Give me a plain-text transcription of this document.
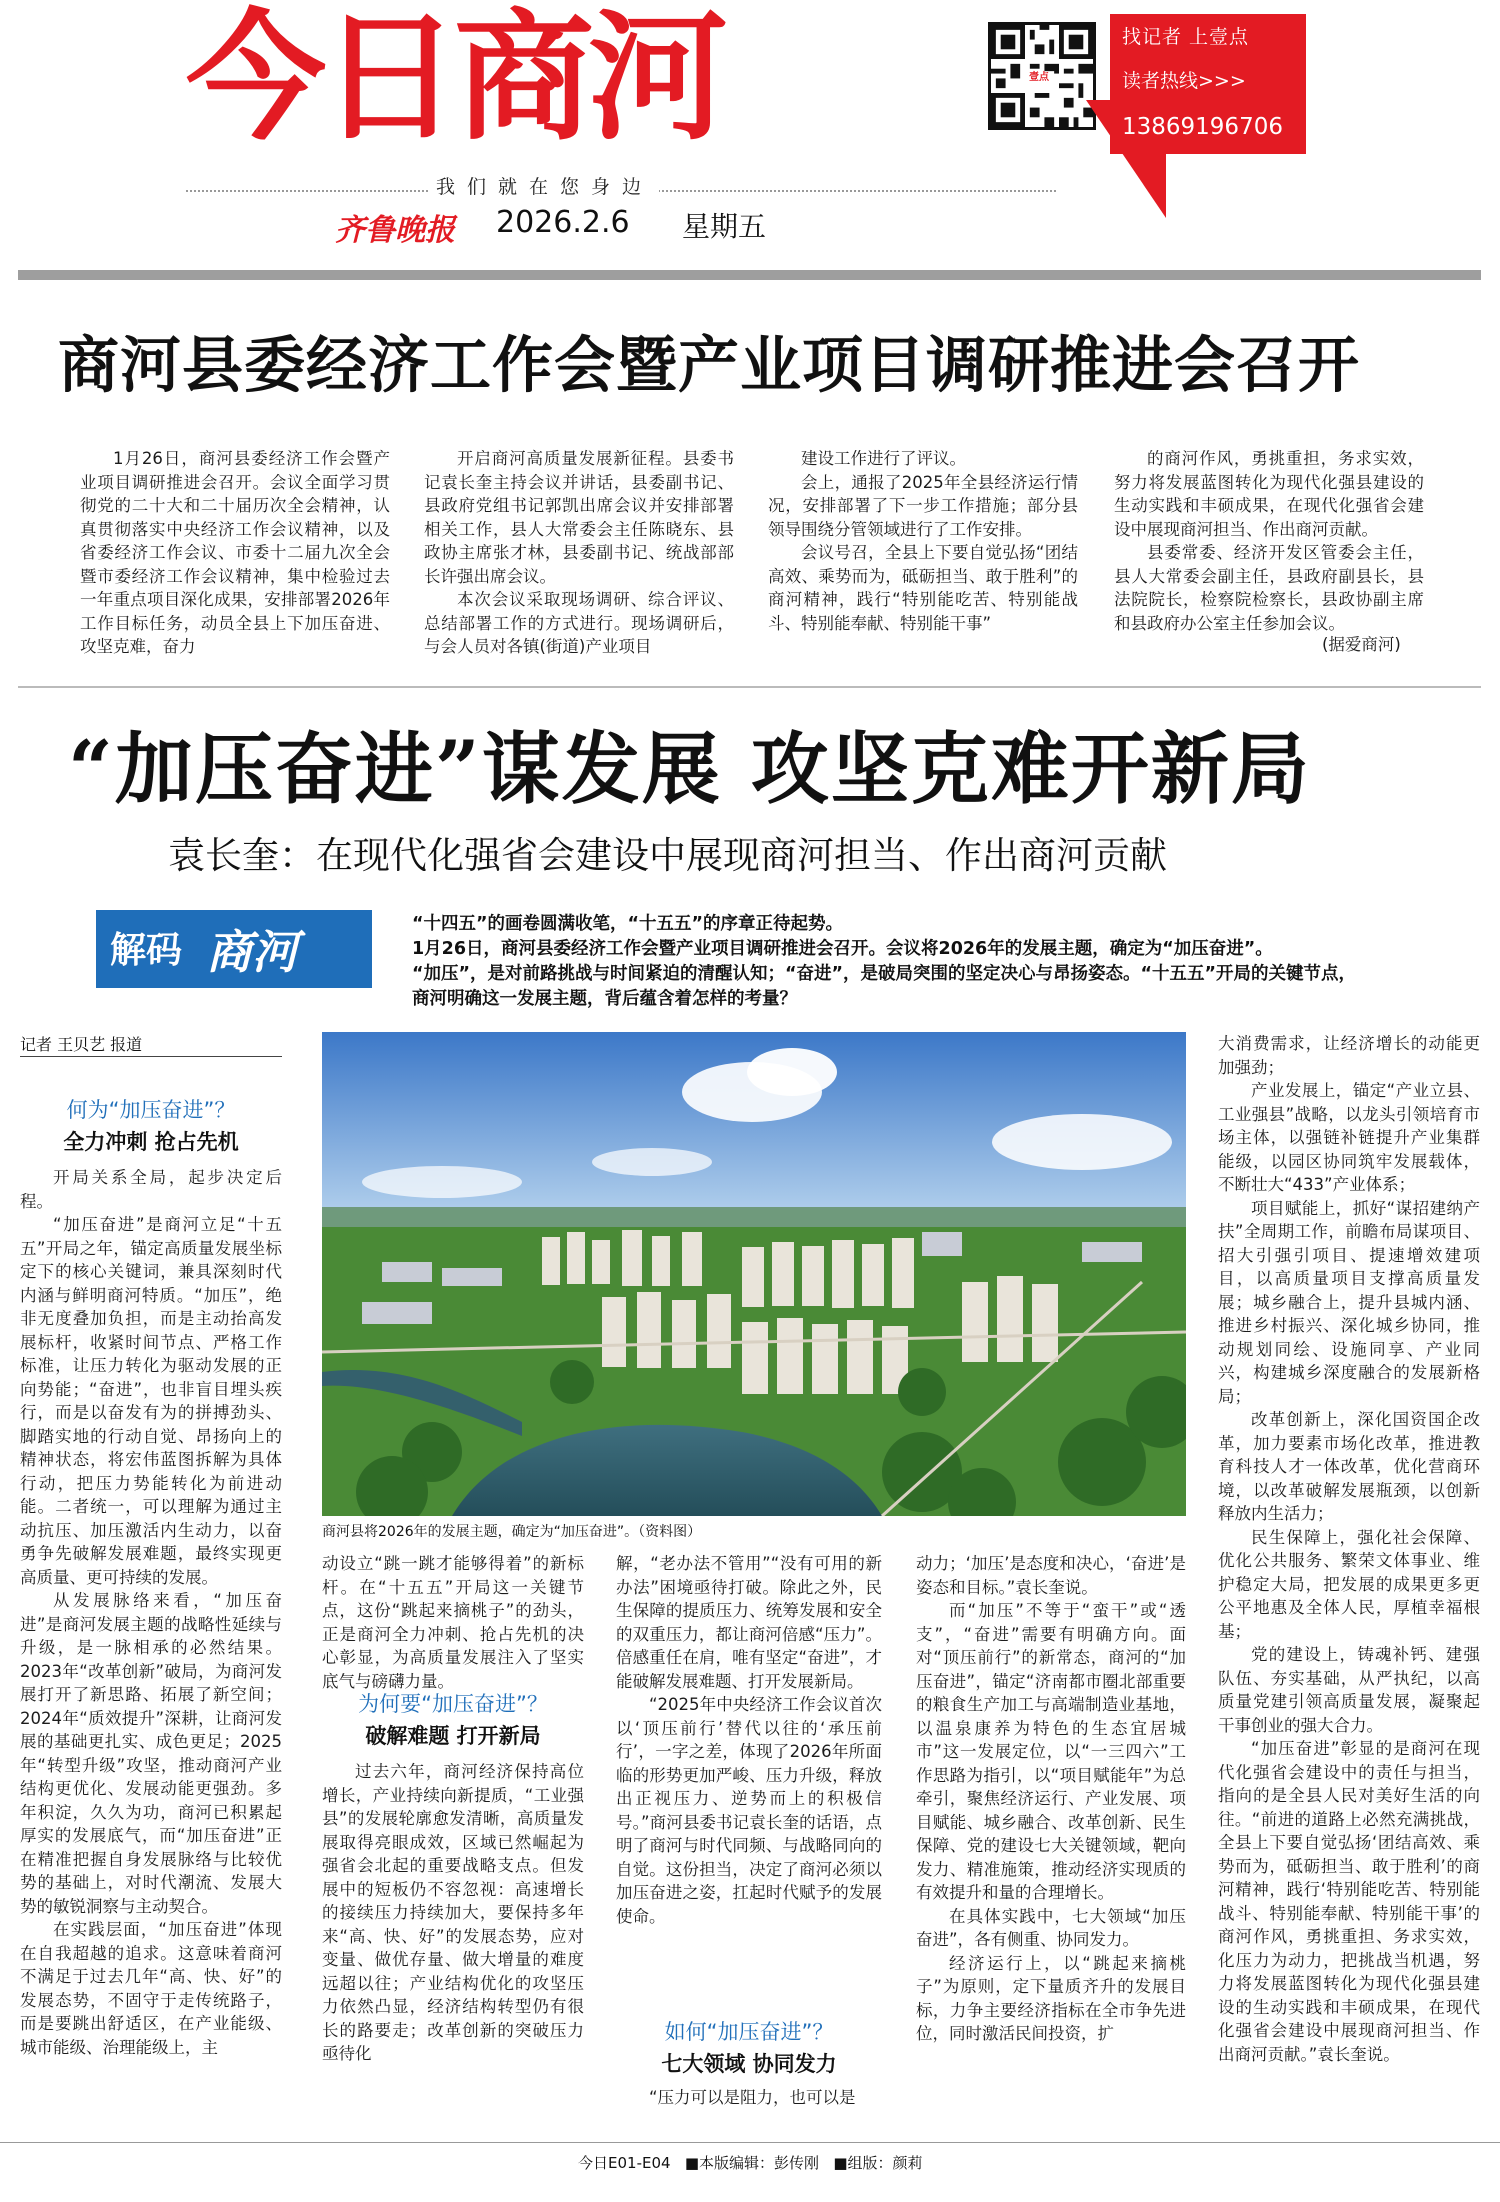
今日商河
我们就在您身边
齐鲁晚报 2026.2.6 星期五
壹点
找记者 上壹点
读者热线>>>
13869196706
商河县委经济工作会暨产业项目调研推进会召开

1月26日，商河县委经济工作会暨产业项目调研推进会召开。会议全面学习贯彻党的二十大和二十届历次全会精神，认真贯彻落实中央经济工作会议精神，以及省委经济工作会议、市委十二届九次全会暨市委经济工作会议精神，集中检验过去一年重点项目深化成果，安排部署2026年工作目标任务，动员全县上下加压奋进、攻坚克难，奋力

开启商河高质量发展新征程。县委书记袁长奎主持会议并讲话，县委副书记、县政府党组书记郭凯出席会议并安排部署相关工作，县人大常委会主任陈晓东、县政协主席张才林，县委副书记、统战部部长许强出席会议。

本次会议采取现场调研、综合评议、总结部署工作的方式进行。现场调研后，与会人员对各镇(街道)产业项目

建设工作进行了评议。

会上，通报了2025年全县经济运行情况，安排部署了下一步工作措施；部分县领导围绕分管领域进行了工作安排。

会议号召，全县上下要自觉弘扬“团结高效、乘势而为，砥砺担当、敢于胜利”的商河精神，践行“特别能吃苦、特别能战斗、特别能奉献、特别能干事”

的商河作风，勇挑重担，务求实效，努力将发展蓝图转化为现代化强县建设的生动实践和丰硕成果，在现代化强省会建设中展现商河担当、作出商河贡献。

县委常委、经济开发区管委会主任，县人大常委会副主任，县政府副县长，县法院院长，检察院检察长，县政协副主席和县政府办公室主任参加会议。

(据爱商河)
“加压奋进”谋发展 攻坚克难开新局
袁长奎：在现代化强省会建设中展现商河担当、作出商河贡献
解码 商河
“十四五”的画卷圆满收笔，“十五五”的序章正待起势。
1月26日，商河县委经济工作会暨产业项目调研推进会召开。会议将2026年的发展主题，确定为“加压奋进”。
“加压”，是对前路挑战与时间紧迫的清醒认知；“奋进”，是破局突围的坚定决心与昂扬姿态。“十五五”开局的关键节点，
商河明确这一发展主题，背后蕴含着怎样的考量？
记者 王贝艺 报道
何为“加压奋进”？
全力冲刺 抢占先机

开局关系全局，起步决定后程。

“加压奋进”是商河立足“十五五”开局之年，锚定高质量发展坐标定下的核心关键词，兼具深刻时代内涵与鲜明商河特质。“加压”，绝非无度叠加负担，而是主动抬高发展标杆，收紧时间节点、严格工作标准，让压力转化为驱动发展的正向势能；“奋进”，也非盲目埋头疾行，而是以奋发有为的拼搏劲头、脚踏实地的行动自觉、昂扬向上的精神状态，将宏伟蓝图拆解为具体行动，把压力势能转化为前进动能。二者统一，可以理解为通过主动抗压、加压激活内生动力，以奋勇争先破解发展难题，最终实现更高质量、更可持续的发展。

从发展脉络来看，“加压奋进”是商河发展主题的战略性延续与升级，是一脉相承的必然结果。2023年“改革创新”破局，为商河发展打开了新思路、拓展了新空间；2024年“质效提升”深耕，让商河发展的基础更扎实、成色更足；2025年“转型升级”攻坚，推动商河产业结构更优化、发展动能更强劲。多年积淀，久久为功，商河已积累起厚实的发展底气，而“加压奋进”正在精准把握自身发展脉络与比较优势的基础上，对时代潮流、发展大势的敏锐洞察与主动契合。

在实践层面，“加压奋进”体现在自我超越的追求。这意味着商河不满足于过去几年“高、快、好”的发展态势，不固守于走传统路子，而是要跳出舒适区，在产业能级、城市能级、治理能级上，主

商河县将2026年的发展主题，确定为“加压奋进”。（资料图）

动设立“跳一跳才能够得着”的新标杆。在“十五五”开局这一关键节点，这份“跳起来摘桃子”的劲头，正是商河全力冲刺、抢占先机的决心彰显，为高质量发展注入了坚实底气与磅礴力量。

为何要“加压奋进”？
破解难题 打开新局

过去六年，商河经济保持高位增长，产业持续向新提质，“工业强县”的发展轮廓愈发清晰，高质量发展取得亮眼成效，区域已然崛起为强省会北起的重要战略支点。但发展中的短板仍不容忽视：高速增长的接续压力持续加大，要保持多年来“高、快、好”的发展态势，应对变量、做优存量、做大增量的难度远超以往；产业结构优化的攻坚压力依然凸显，经济结构转型仍有很长的路要走；改革创新的突破压力亟待化

解，“老办法不管用”“没有可用的新办法”困境亟待打破。除此之外，民生保障的提质压力、统筹发展和安全的双重压力，都让商河倍感“压力”。倍感重任在肩，唯有坚定“奋进”，才能破解发展难题、打开发展新局。

“2025年中央经济工作会议首次以‘顶压前行’替代以往的‘承压前行’，一字之差，体现了2026年所面临的形势更加严峻、压力升级，释放出正视压力、逆势而上的积极信号。”商河县委书记袁长奎的话语，点明了商河与时代同频、与战略同向的自觉。这份担当，决定了商河必须以加压奋进之姿，扛起时代赋予的发展使命。

如何“加压奋进”？
七大领域 协同发力

“压力可以是阻力，也可以是

动力；‘加压’是态度和决心，‘奋进’是姿态和目标。”袁长奎说。

而“加压”不等于“蛮干”或“透支”，“奋进”需要有明确方向。面对“顶压前行”的新常态，商河的“加压奋进”，锚定“济南都市圈北部重要的粮食生产加工与高端制造业基地，以温泉康养为特色的生态宜居城市”这一发展定位，以“一三四六”工作思路为指引，以“项目赋能年”为总牵引，聚焦经济运行、产业发展、项目赋能、城乡融合、改革创新、民生保障、党的建设七大关键领域，靶向发力、精准施策，推动经济实现质的有效提升和量的合理增长。

在具体实践中，七大领域“加压奋进”，各有侧重、协同发力。

经济运行上，以“跳起来摘桃子”为原则，定下量质齐升的发展目标，力争主要经济指标在全市争先进位，同时激活民间投资，扩

大消费需求，让经济增长的动能更加强劲；

产业发展上，锚定“产业立县、工业强县”战略，以龙头引领培育市场主体，以强链补链提升产业集群能级，以园区协同筑牢发展载体，不断壮大“433”产业体系；

项目赋能上，抓好“谋招建纳产扶”全周期工作，前瞻布局谋项目、招大引强引项目、提速增效建项目，以高质量项目支撑高质量发展；城乡融合上，提升县城内涵、推进乡村振兴、深化城乡协同，推动规划同绘、设施同享、产业同兴，构建城乡深度融合的发展新格局；

改革创新上，深化国资国企改革，加力要素市场化改革，推进教育科技人才一体改革，优化营商环境，以改革破解发展瓶颈，以创新释放内生活力；

民生保障上，强化社会保障、优化公共服务、繁荣文体事业、维护稳定大局，把发展的成果更多更公平地惠及全体人民，厚植幸福根基；

党的建设上，铸魂补钙、建强队伍、夯实基础，从严执纪，以高质量党建引领高质量发展，凝聚起干事创业的强大合力。

“加压奋进”彰显的是商河在现代化强省会建设中的责任与担当，指向的是全县人民对美好生活的向往。“前进的道路上必然充满挑战，全县上下要自觉弘扬‘团结高效、乘势而为，砥砺担当、敢于胜利’的商河精神，践行‘特别能吃苦、特别能战斗、特别能奉献、特别能干事’的商河作风，勇挑重担、务求实效，化压力为动力，把挑战当机遇，努力将发展蓝图转化为现代化强县建设的生动实践和丰硕成果，在现代化强省会建设中展现商河担当、作出商河贡献。”袁长奎说。

今日E01-E04 ■本版编辑：彭传刚 ■组版：颜莉
